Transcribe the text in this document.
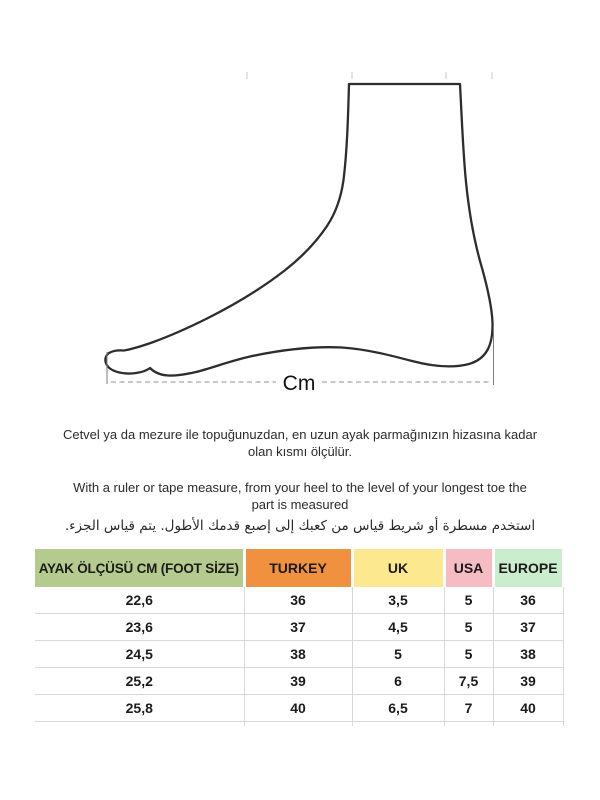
Cm

Cetvel ya da mezure ile topuğunuzdan, en uzun ayak parmağınızın hizasına kadar olan kısmı ölçülür.

With a ruler or tape measure, from your heel to the level of your longest toe the part is measured

استخدم مسطرة أو شريط قياس من كعبك إلى إصبع قدمك الأطول. يتم قياس الجزء.

AYAK ÖLÇÜSÜ CM (FOOT SİZE)	TURKEY	UK	USA	EUROPE
22,6	36	3,5	5	36
23,6	37	4,5	5	37
24,5	38	5	5	38
25,2	39	6	7,5	39
25,8	40	6,5	7	40
